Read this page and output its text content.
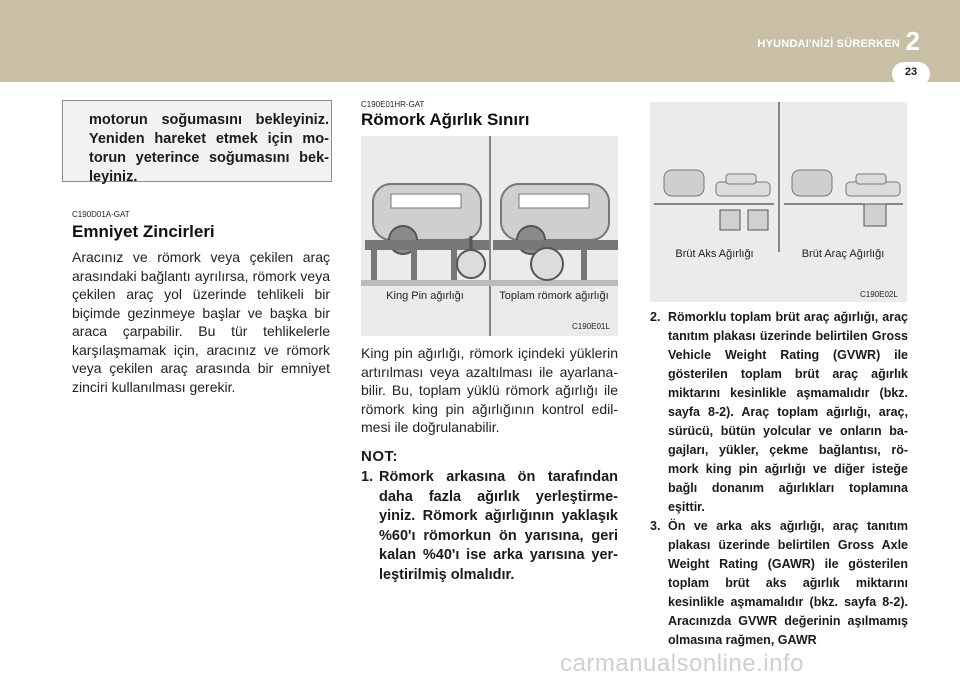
HYUNDAI'NİZİ SÜRERKEN 2
23
motorun soğumasını bekleyiniz. Yeniden hareket etmek için mo-torun yeterince soğumasını bek-leyiniz.
C190D01A-GAT
Emniyet Zincirleri
Aracınız ve römork veya çekilen araç arasındaki bağlantı ayrılırsa, römork veya çekilen araç yol üzerinde tehlikeli bir biçimde gezinmeye başlar ve başka bir araca çarpabilir. Bu tür tehlikelerle karşılaşmamak için, aracınız ve römork veya çekilen araç arasında bir emniyet zinciri kullanılması gerekir.
C190E01HR-GAT
Römork Ağırlık Sınırı
King Pin ağırlığı	Toplam römork ağırlığı
C190E01L
King pin ağırlığı, römork içindeki yüklerin artırılması veya azaltılması ile ayarlana-bilir. Bu, toplam yüklü römork ağırlığı ile römork king pin ağırlığının kontrol edil-mesi ile doğrulanabilir.
NOT:
1. Römork arkasına ön tarafından daha fazla ağırlık yerleştirme-yiniz. Römork ağırlığının yaklaşık %60'ı römorkun ön yarısına, geri kalan %40'ı ise arka yarısına yer-leştirilmiş olmalıdır.
Brüt Aks Ağırlığı	Brüt Araç Ağırlığı
C190E02L
2. Römorklu toplam brüt araç ağırlığı, araç tanıtım plakası üzerinde belirtilen Gross Vehicle Weight Rating (GVWR) ile gösterilen toplam brüt araç ağırlık miktarını kesinlikle aşmamalıdır (bkz. sayfa 8-2). Araç toplam ağırlığı, araç, sürücü, bütün yolcular ve onların ba-gajları, yükler, çekme bağlantısı, rö-mork king pin ağırlığı ve diğer isteğe bağlı donanım ağırlıkları toplamına eşittir.
3. Ön ve arka aks ağırlığı, araç tanıtım plakası üzerinde belirtilen Gross Axle Weight Rating (GAWR) ile gösterilen toplam brüt aks ağırlık miktarını kesinlikle aşmamalıdır (bkz. sayfa 8-2). Aracınızda GVWR değerinin aşılmamış olmasına rağmen, GAWR
carmanualsonline.info
